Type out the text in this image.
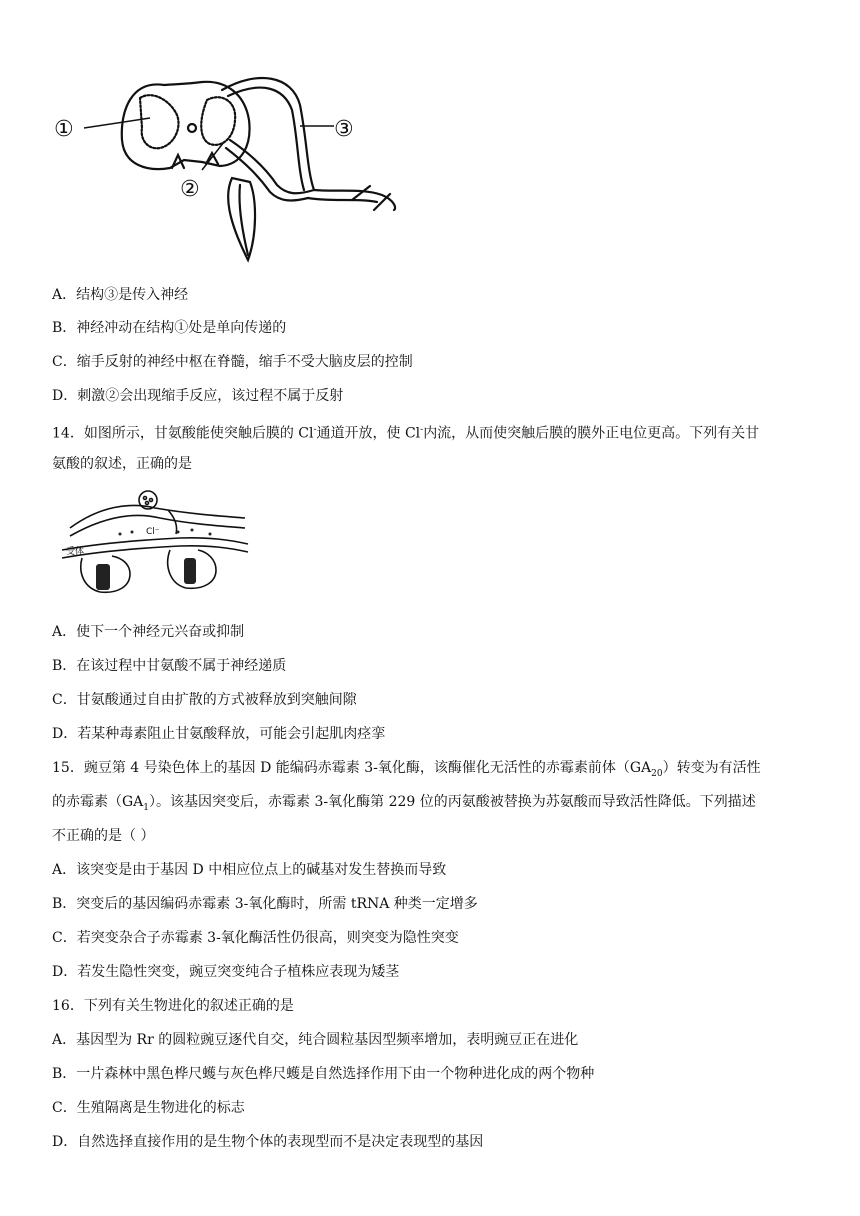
①	③
②
A．结构③是传入神经
B．神经冲动在结构①处是单向传递的
C．缩手反射的神经中枢在脊髓，缩手不受大脑皮层的控制
D．刺激②会出现缩手反应，该过程不属于反射
14．如图所示，甘氨酸能使突触后膜的 Cl-通道开放，使 Cl-内流，从而使突触后膜的膜外正电位更高。下列有关甘
氨酸的叙述，正确的是
受体
Cl⁻
A．使下一个神经元兴奋或抑制
B．在该过程中甘氨酸不属于神经递质
C．甘氨酸通过自由扩散的方式被释放到突触间隙
D．若某种毒素阻止甘氨酸释放，可能会引起肌肉痉挛
15．豌豆第 4 号染色体上的基因 D 能编码赤霉素 3-氧化酶，该酶催化无活性的赤霉素前体$(GA_{20})$转变为有活性
的赤霉素$(GA_1)$。该基因突变后，赤霉素 3-氧化酶第 229 位的丙氨酸被替换为苏氨酸而导致活性降低。下列描述
不正确的是（ ）
A．该突变是由于基因 D 中相应位点上的碱基对发生替换而导致
B．突变后的基因编码赤霉素 3-氧化酶时，所需 tRNA 种类一定增多
C．若突变杂合子赤霉素 3-氧化酶活性仍很高，则突变为隐性突变
D．若发生隐性突变，豌豆突变纯合子植株应表现为矮茎
16．下列有关生物进化的叙述正确的是
A．基因型为 Rr 的圆粒豌豆逐代自交，纯合圆粒基因型频率增加，表明豌豆正在进化
B．一片森林中黑色桦尺蠖与灰色桦尺蠖是自然选择作用下由一个物种进化成的两个物种
C．生殖隔离是生物进化的标志
D．自然选择直接作用的是生物个体的表现型而不是决定表现型的基因
